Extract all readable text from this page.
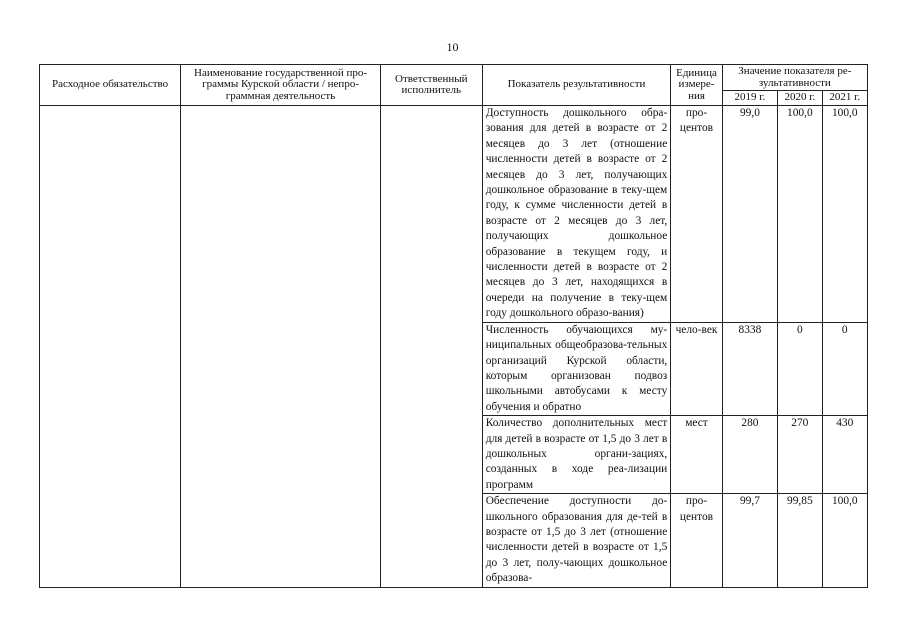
10
Расходное обязательство	Наименование государственной про-граммы Курской области / непро-граммная деятельность	Ответственный исполнитель	Показатель результативности	Единица измере-ния	Значение показателя ре-зультативности		
					2019 г.	2020 г.	2021 г.
			Доступность дошкольного обра-зования для детей в возрасте от 2 месяцев до 3 лет (отношение численности детей в возрасте от 2 месяцев до 3 лет, получающих дошкольное образование в теку-щем году, к сумме численности детей в возрасте от 2 месяцев до 3 лет, получающих дошкольное образование в текущем году, и численности детей в возрасте от 2 месяцев до 3 лет, находящихся в очереди на получение в теку-щем году дошкольного образо-вания)	про-центов	99,0	100,0	100,0
			Численность обучающихся му-ниципальных общеобразова-тельных организаций Курской области, которым организован подвоз школьными автобусами к месту обучения и обратно	чело-век	8338	0	0
			Количество дополнительных мест для детей в возрасте от 1,5 до 3 лет в дошкольных органи-зациях, созданных в ходе реа-лизации программ	мест	280	270	430
			Обеспечение доступности до-школьного образования для де-тей в возрасте от 1,5 до 3 лет (отношение численности детей в возрасте от 1,5 до 3 лет, полу-чающих дошкольное образова-	про-центов	99,7	99,85	100,0
